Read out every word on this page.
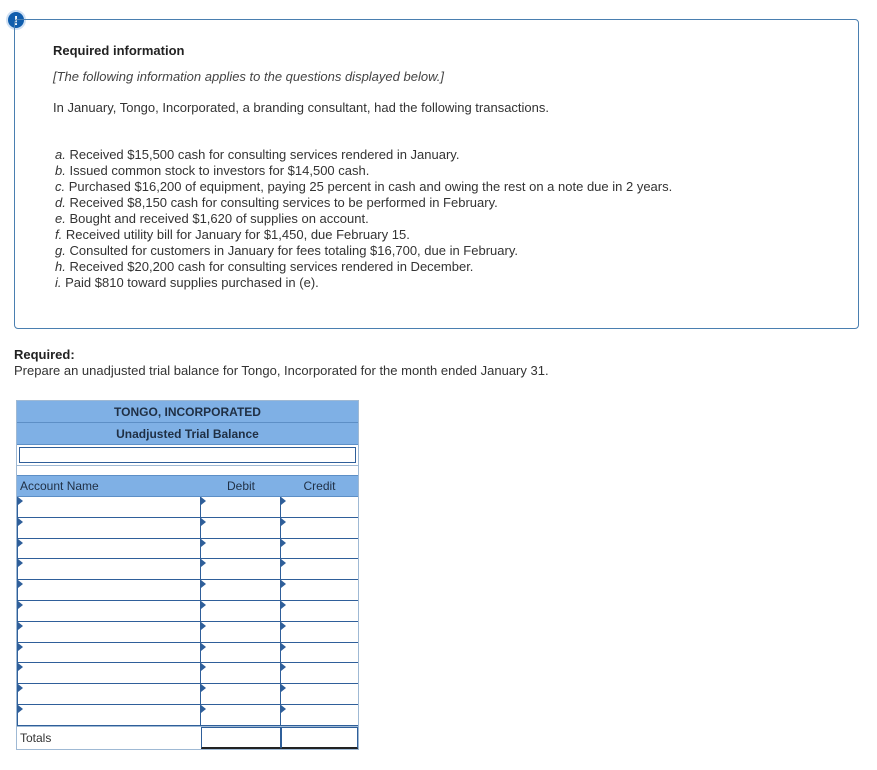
!
Required information
[The following information applies to the questions displayed below.]
In January, Tongo, Incorporated, a branding consultant, had the following transactions.
a. Received $15,500 cash for consulting services rendered in January.
b. Issued common stock to investors for $14,500 cash.
c. Purchased $16,200 of equipment, paying 25 percent in cash and owing the rest on a note due in 2 years.
d. Received $8,150 cash for consulting services to be performed in February.
e. Bought and received $1,620 of supplies on account.
f. Received utility bill for January for $1,450, due February 15.
g. Consulted for customers in January for fees totaling $16,700, due in February.
h. Received $20,200 cash for consulting services rendered in December.
i. Paid $810 toward supplies purchased in (e).
Required:
Prepare an unadjusted trial balance for Tongo, Incorporated for the month ended January 31.
TONGO, INCORPORATED
Unadjusted Trial Balance
Account Name	Debit	Credit
Totals
